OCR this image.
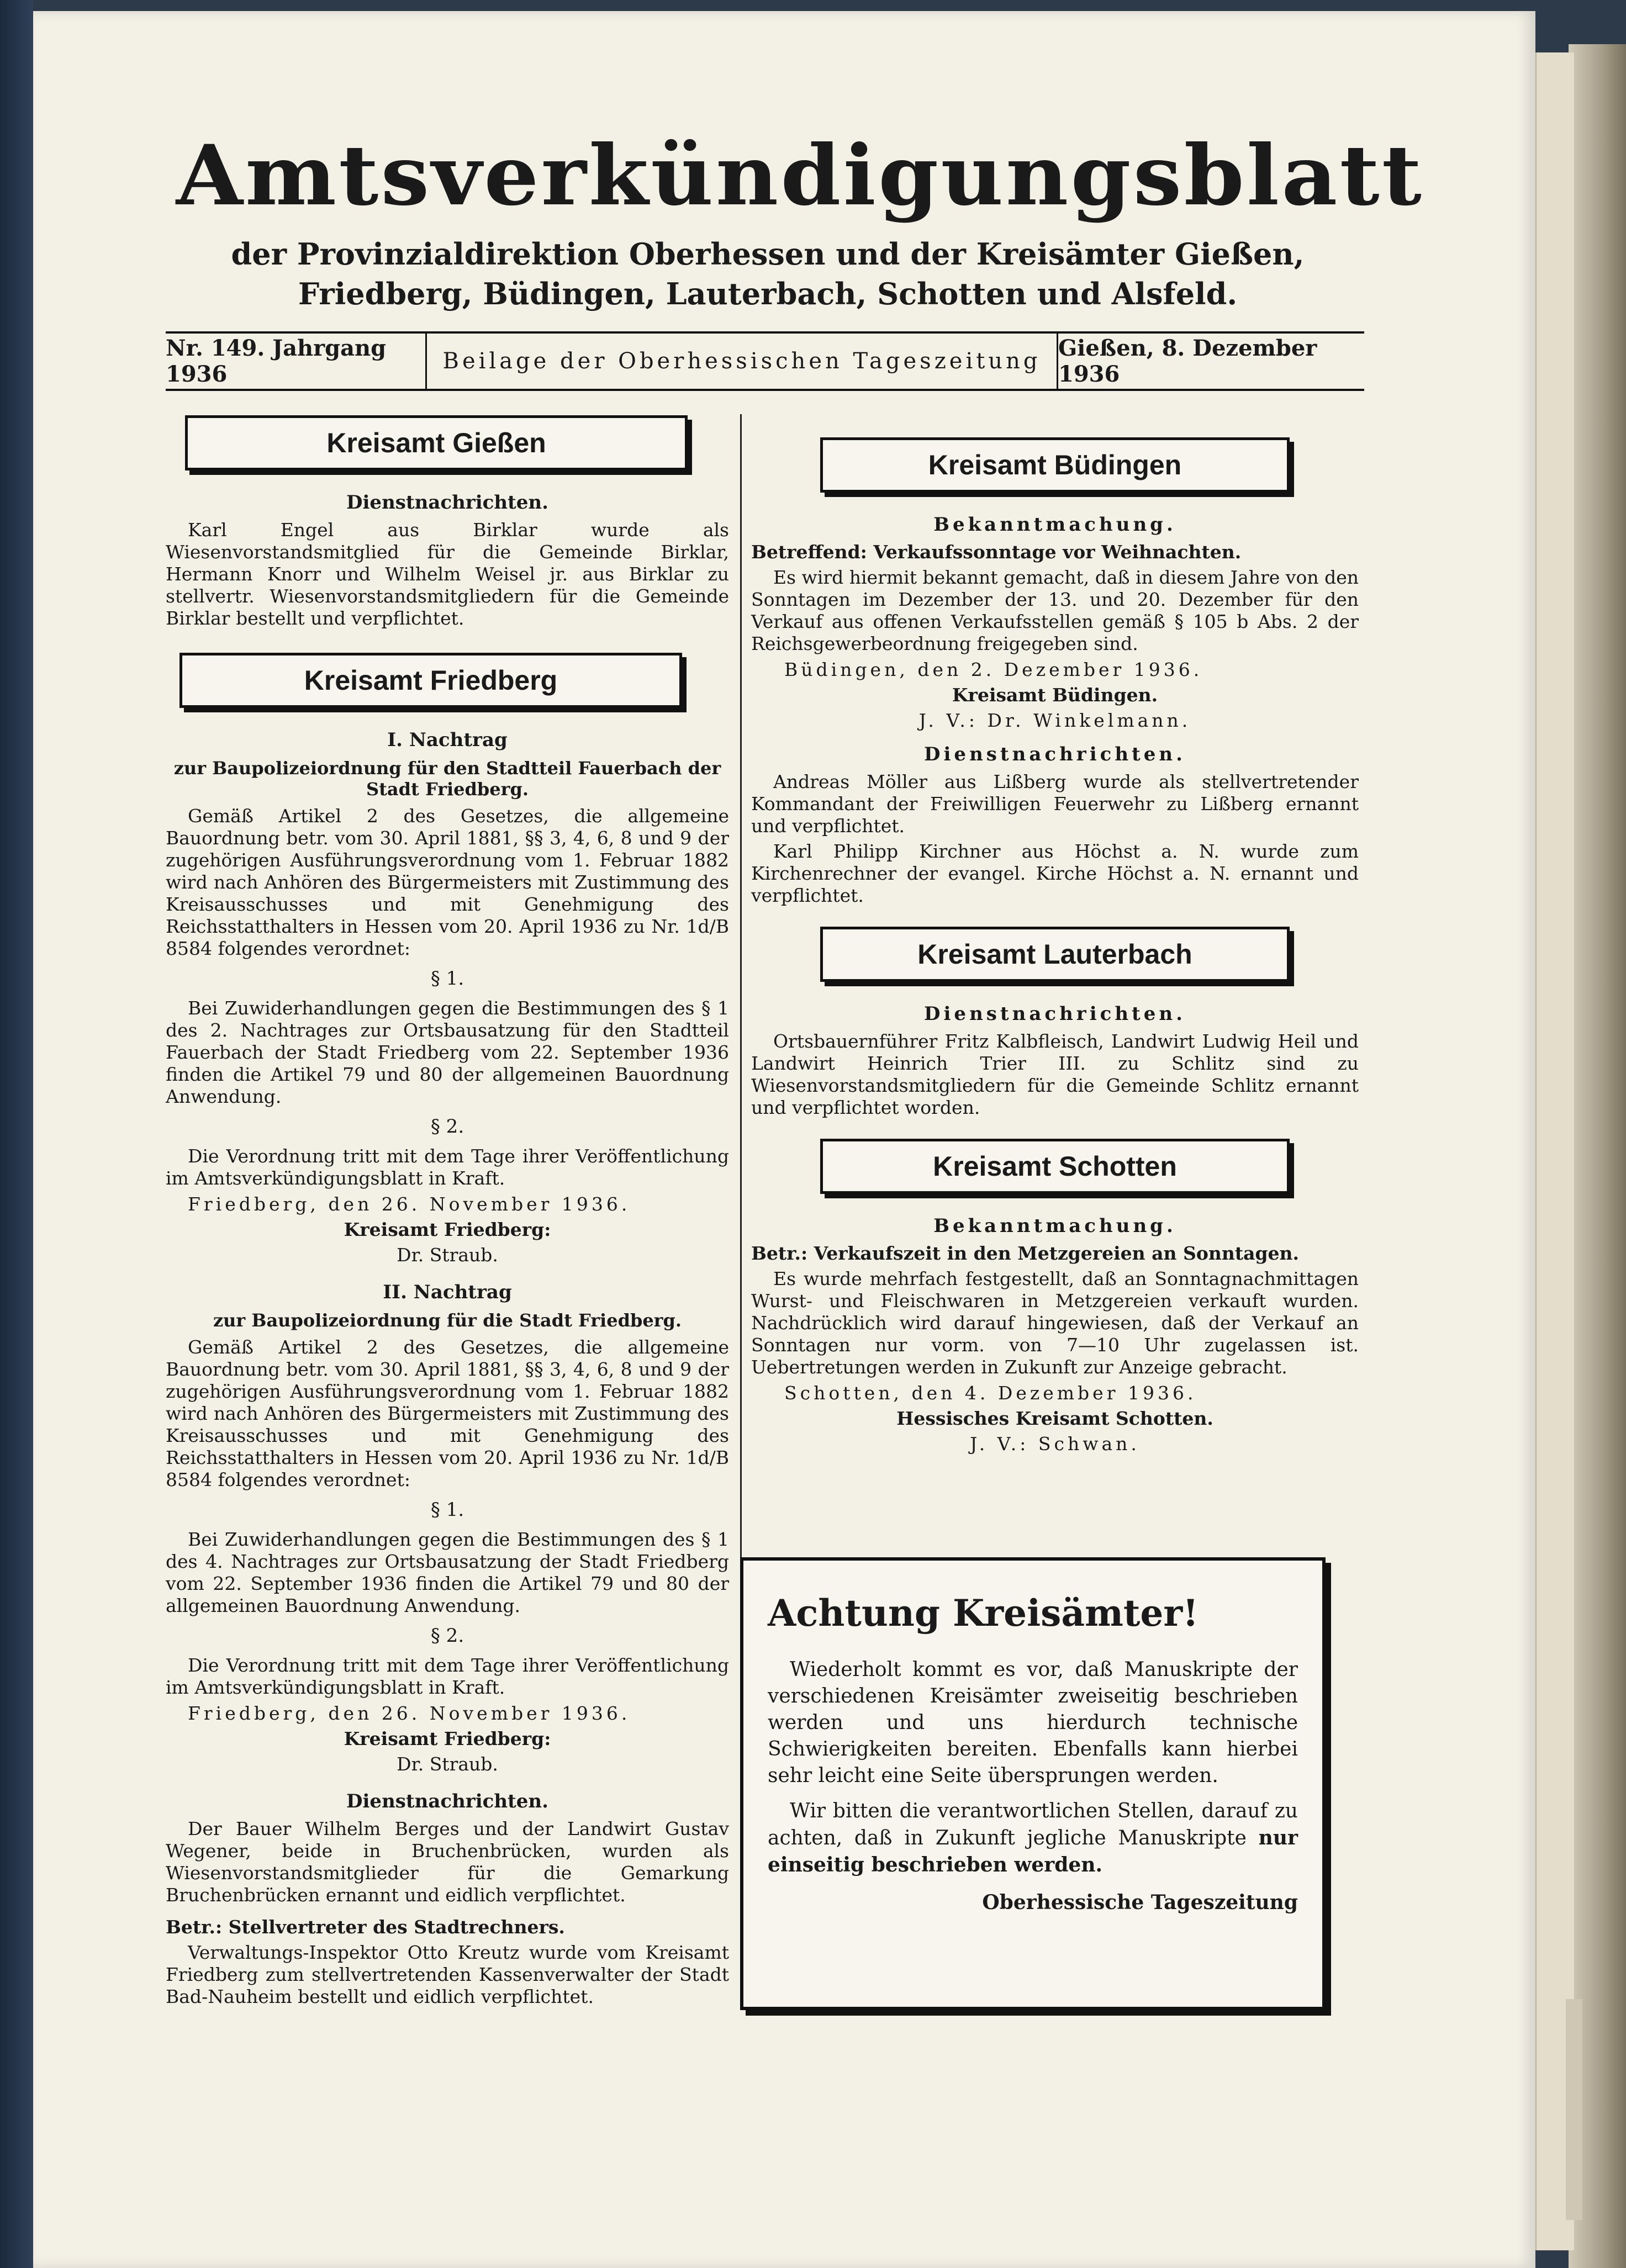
Amtsverkündigungsblatt
der Provinzialdirektion Oberhessen und der Kreisämter Gießen, Friedberg, Büdingen, Lauterbach, Schotten und Alsfeld.
Nr. 149. Jahrgang 1936	Beilage der Oberhessischen Tageszeitung Gießen, 8. Dezember 1936
Kreisamt Gießen
Dienstnachrichten.

Karl Engel aus Birklar wurde als Wiesenvorstandsmitglied für die Gemeinde Birklar, Hermann Knorr und Wilhelm Weisel jr. aus Birklar zu stellvertr. Wiesenvorstandsmitgliedern für die Gemeinde Birklar bestellt und verpflichtet.

Kreisamt Friedberg
I. Nachtrag
zur Baupolizeiordnung für den Stadtteil Fauerbach der Stadt Friedberg.

Gemäß Artikel 2 des Gesetzes, die allgemeine Bauordnung betr. vom 30. April 1881, §§ 3, 4, 6, 8 und 9 der zugehörigen Ausführungsverordnung vom 1. Februar 1882 wird nach Anhören des Bürgermeisters mit Zustimmung des Kreisausschusses und mit Genehmigung des Reichsstatthalters in Hessen vom 20. April 1936 zu Nr. 1d/B 8584 folgendes verordnet:

§ 1.

Bei Zuwiderhandlungen gegen die Bestimmungen des § 1 des 2. Nachtrages zur Ortsbausatzung für den Stadtteil Fauerbach der Stadt Friedberg vom 22. September 1936 finden die Artikel 79 und 80 der allgemeinen Bauordnung Anwendung.

§ 2.

Die Verordnung tritt mit dem Tage ihrer Veröffentlichung im Amtsverkündigungsblatt in Kraft.

Friedberg, den 26. November 1936.
Kreisamt Friedberg:
Dr. Straub.
II. Nachtrag
zur Baupolizeiordnung für die Stadt Friedberg.

Gemäß Artikel 2 des Gesetzes, die allgemeine Bauordnung betr. vom 30. April 1881, §§ 3, 4, 6, 8 und 9 der zugehörigen Ausführungsverordnung vom 1. Februar 1882 wird nach Anhören des Bürgermeisters mit Zustimmung des Kreisausschusses und mit Genehmigung des Reichsstatthalters in Hessen vom 20. April 1936 zu Nr. 1d/B 8584 folgendes verordnet:

§ 1.

Bei Zuwiderhandlungen gegen die Bestimmungen des § 1 des 4. Nachtrages zur Ortsbausatzung der Stadt Friedberg vom 22. September 1936 finden die Artikel 79 und 80 der allgemeinen Bauordnung Anwendung.

§ 2.

Die Verordnung tritt mit dem Tage ihrer Veröffentlichung im Amtsverkündigungsblatt in Kraft.

Friedberg, den 26. November 1936.
Kreisamt Friedberg:
Dr. Straub.
Dienstnachrichten.

Der Bauer Wilhelm Berges und der Landwirt Gustav Wegener, beide in Bruchenbrücken, wurden als Wiesenvorstandsmitglieder für die Gemarkung Bruchenbrücken ernannt und eidlich verpflichtet.

Betr.: Stellvertreter des Stadtrechners.

Verwaltungs-Inspektor Otto Kreutz wurde vom Kreisamt Friedberg zum stellvertretenden Kassenverwalter der Stadt Bad-Nauheim bestellt und eidlich verpflichtet.

Kreisamt Büdingen
Bekanntmachung.

Betreffend: Verkaufssonntage vor Weihnachten.

Es wird hiermit bekannt gemacht, daß in diesem Jahre von den Sonntagen im Dezember der 13. und 20. Dezember für den Verkauf aus offenen Verkaufsstellen gemäß § 105 b Abs. 2 der Reichsgewerbeordnung freigegeben sind.

Büdingen, den 2. Dezember 1936.
Kreisamt Büdingen.
J. V.: Dr. Winkelmann.
Dienstnachrichten.

Andreas Möller aus Lißberg wurde als stellvertretender Kommandant der Freiwilligen Feuerwehr zu Lißberg ernannt und verpflichtet.

Karl Philipp Kirchner aus Höchst a. N. wurde zum Kirchenrechner der evangel. Kirche Höchst a. N. ernannt und verpflichtet.

Kreisamt Lauterbach
Dienstnachrichten.

Ortsbauernführer Fritz Kalbfleisch, Landwirt Ludwig Heil und Landwirt Heinrich Trier III. zu Schlitz sind zu Wiesenvorstandsmitgliedern für die Gemeinde Schlitz ernannt und verpflichtet worden.

Kreisamt Schotten
Bekanntmachung.

Betr.: Verkaufszeit in den Metzgereien an Sonntagen.

Es wurde mehrfach festgestellt, daß an Sonntagnachmittagen Wurst- und Fleischwaren in Metzgereien verkauft wurden. Nachdrücklich wird darauf hingewiesen, daß der Verkauf an Sonntagen nur vorm. von 7—10 Uhr zugelassen ist. Uebertretungen werden in Zukunft zur Anzeige gebracht.

Schotten, den 4. Dezember 1936.
Hessisches Kreisamt Schotten.
J. V.: Schwan.
Achtung Kreisämter!

Wiederholt kommt es vor, daß Manuskripte der verschiedenen Kreisämter zweiseitig beschrieben werden und uns hierdurch technische Schwierigkeiten bereiten. Ebenfalls kann hierbei sehr leicht eine Seite übersprungen werden.

Wir bitten die verantwortlichen Stellen, darauf zu achten, daß in Zukunft jegliche Manuskripte nur einseitig beschrieben werden.

Oberhessische Tageszeitung
